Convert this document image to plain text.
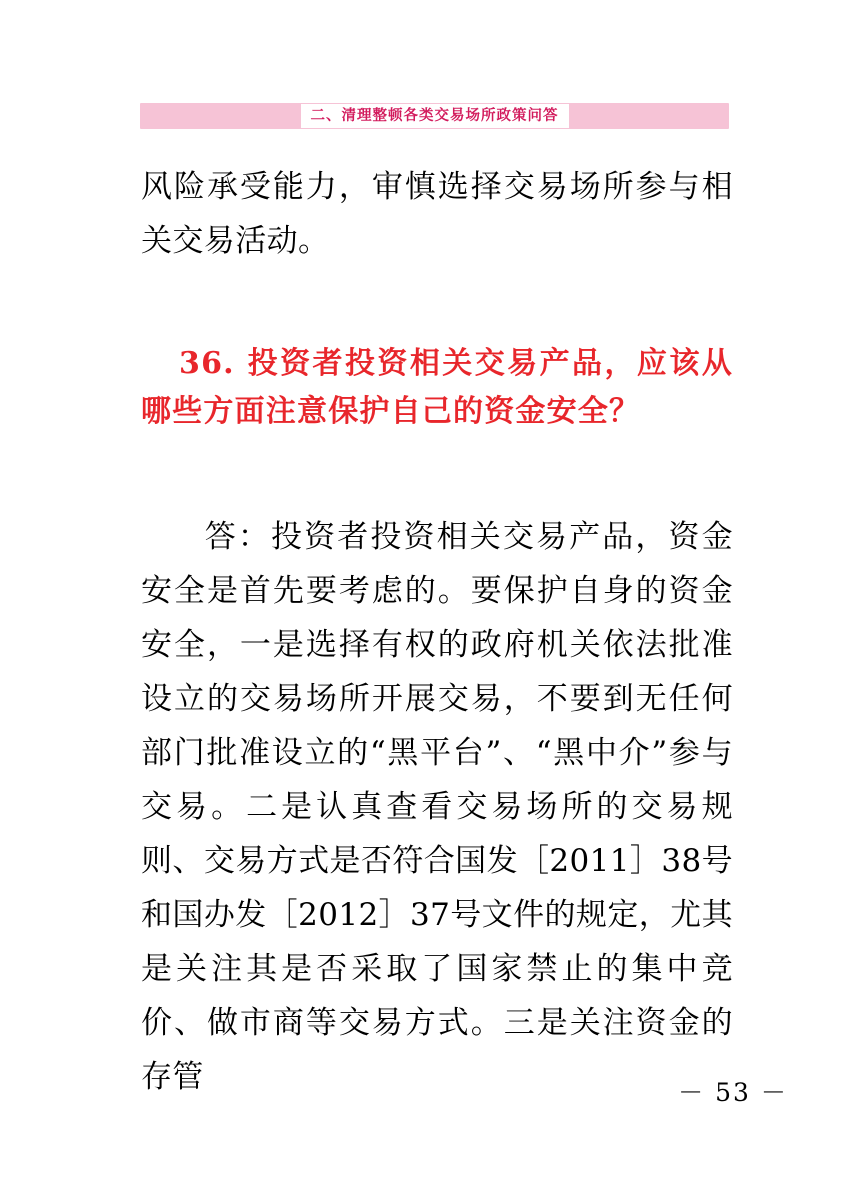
二、清理整顿各类交易场所政策问答

风险承受能力，审慎选择交易场所参与相关交易活动。

36. 投资者投资相关交易产品，应该从哪些方面注意保护自己的资金安全？

答：投资者投资相关交易产品，资金安全是首先要考虑的。要保护自身的资金安全，一是选择有权的政府机关依法批准设立的交易场所开展交易，不要到无任何部门批准设立的“黑平台”、“黑中介”参与交易。二是认真查看交易场所的交易规则、交易方式是否符合国发［2011］38号和国办发［2012］37号文件的规定，尤其是关注其是否采取了国家禁止的集中竞价、做市商等交易方式。三是关注资金的存管	－ 53 －
